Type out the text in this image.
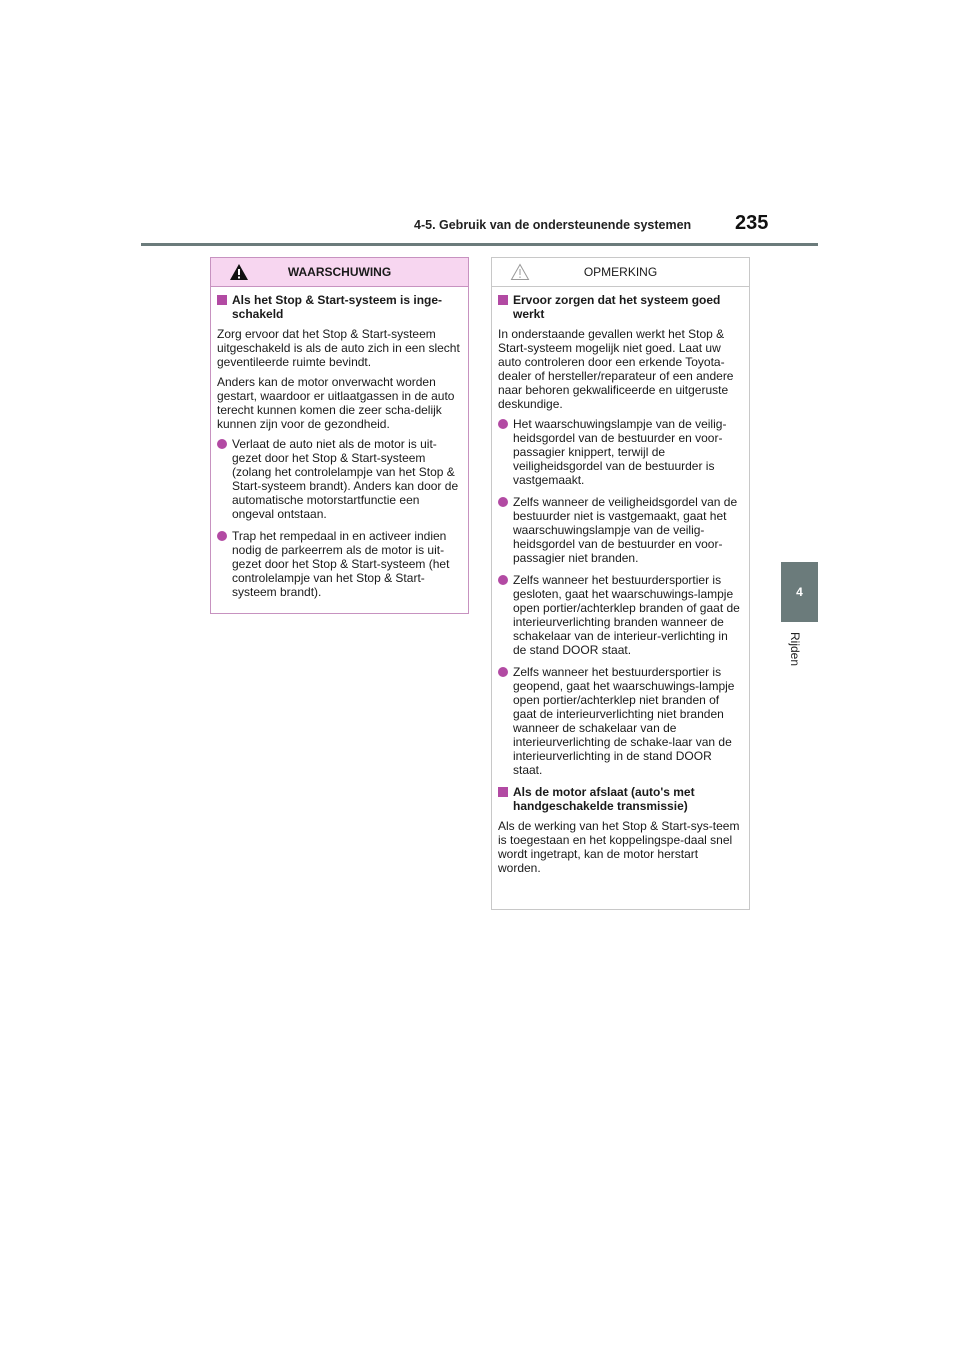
4-5. Gebruik van de ondersteunende systemen 235
4
Rijden
WAARSCHUWING
Als het Stop & Start-systeem is inge-schakeld
Zorg ervoor dat het Stop & Start-systeem uitgeschakeld is als de auto zich in een slecht geventileerde ruimte bevindt.
Anders kan de motor onverwacht worden gestart, waardoor er uitlaatgassen in de auto terecht kunnen komen die zeer scha-delijk kunnen zijn voor de gezondheid.
Verlaat de auto niet als de motor is uit-gezet door het Stop & Start-systeem (zolang het controlelampje van het Stop & Start-systeem brandt). Anders kan door de automatische motorstartfunctie een ongeval ontstaan.
Trap het rempedaal in en activeer indien nodig de parkeerrem als de motor is uit-gezet door het Stop & Start-systeem (het controlelampje van het Stop & Start-systeem brandt).
OPMERKING
Ervoor zorgen dat het systeem goed werkt
In onderstaande gevallen werkt het Stop & Start-systeem mogelijk niet goed. Laat uw auto controleren door een erkende Toyota-dealer of hersteller/reparateur of een andere naar behoren gekwalificeerde en uitgeruste deskundige.
Het waarschuwingslampje van de veilig-heidsgordel van de bestuurder en voor-passagier knippert, terwijl de veiligheidsgordel van de bestuurder is vastgemaakt.
Zelfs wanneer de veiligheidsgordel van de bestuurder niet is vastgemaakt, gaat het waarschuwingslampje van de veilig-heidsgordel van de bestuurder en voor-passagier niet branden.
Zelfs wanneer het bestuurdersportier is gesloten, gaat het waarschuwings-lampje open portier/achterklep branden of gaat de interieurverlichting branden wanneer de schakelaar van de interieur-verlichting in de stand DOOR staat.
Zelfs wanneer het bestuurdersportier is geopend, gaat het waarschuwings-lampje open portier/achterklep niet branden of gaat de interieurverlichting niet branden wanneer de schakelaar van de interieurverlichting de schake-laar van de interieurverlichting in de stand DOOR staat.
Als de motor afslaat (auto's met handgeschakelde transmissie)
Als de werking van het Stop & Start-sys-teem is toegestaan en het koppelingspe-daal snel wordt ingetrapt, kan de motor herstart worden.
